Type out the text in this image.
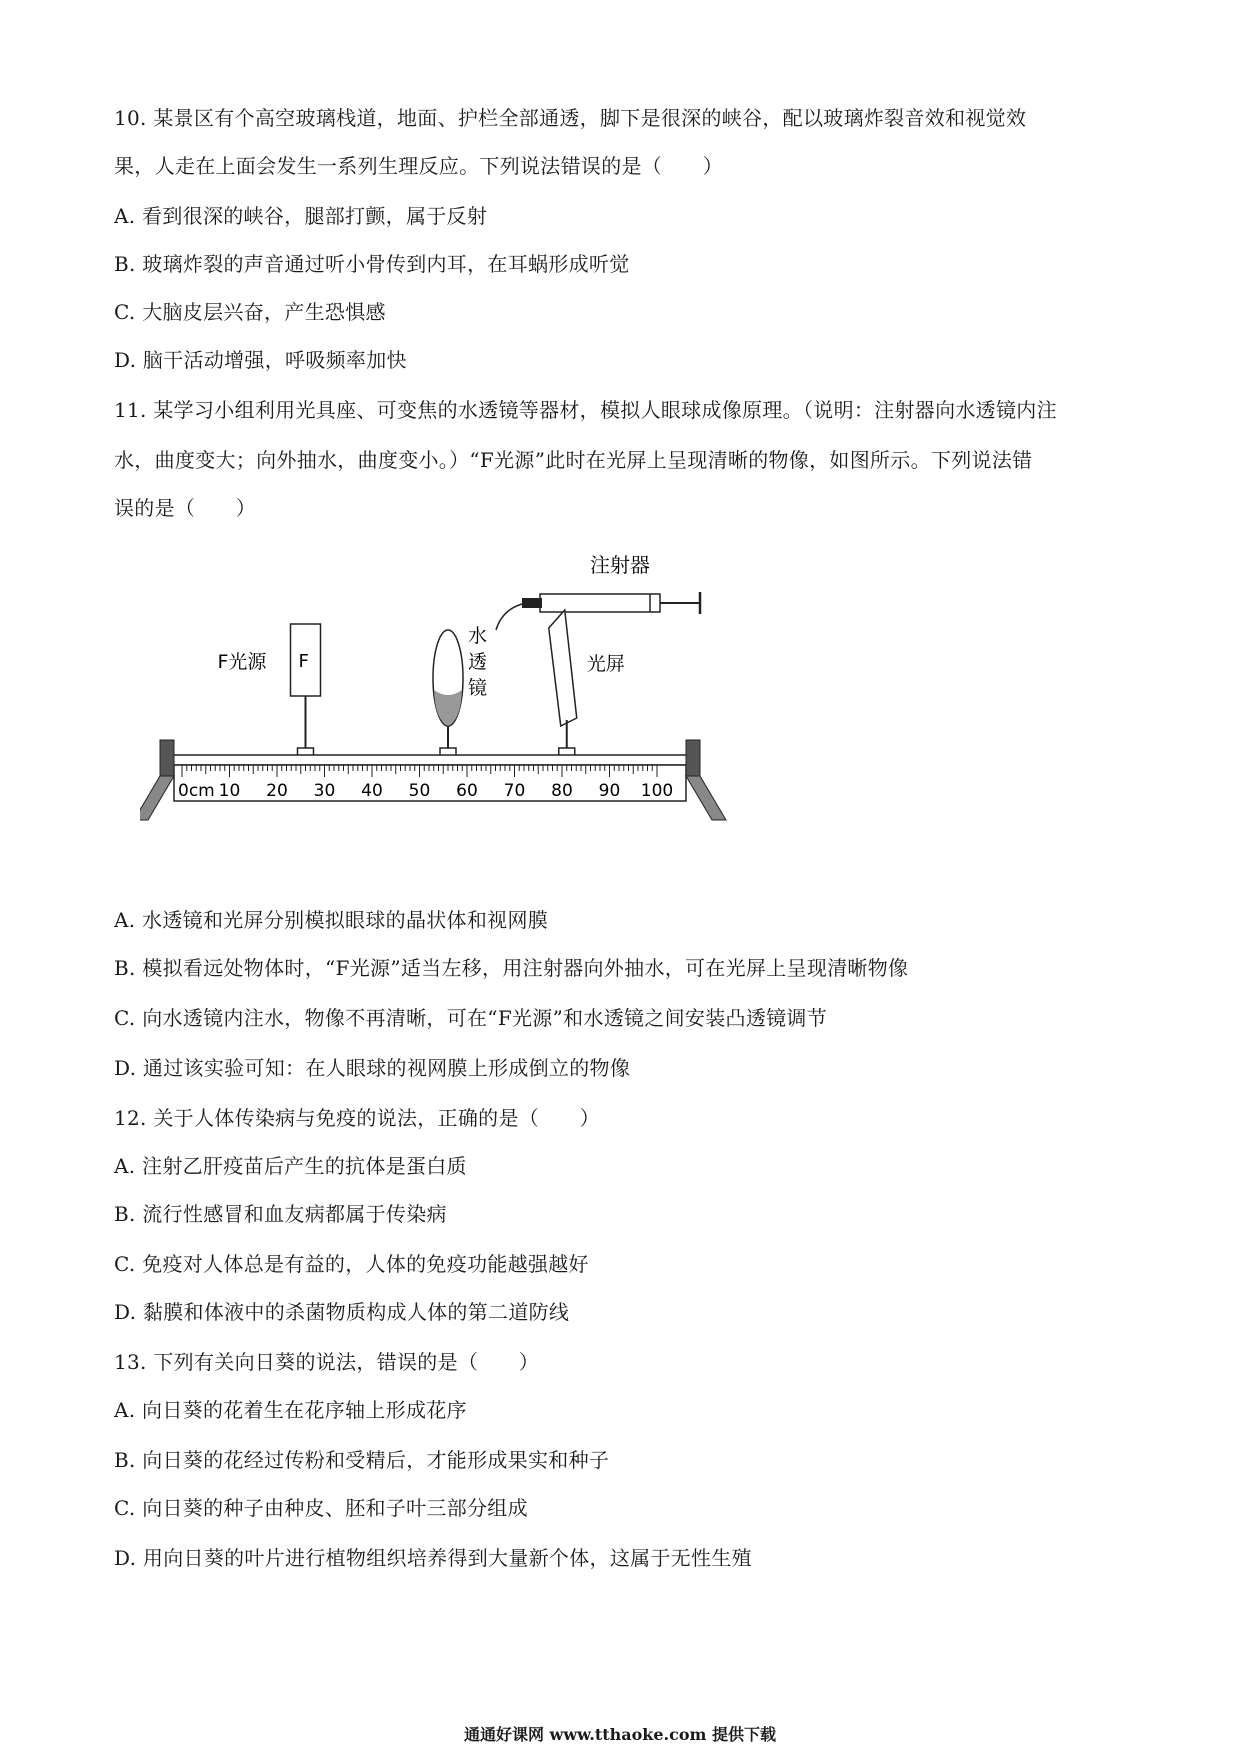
10. 某景区有个高空玻璃栈道，地面、护栏全部通透，脚下是很深的峡谷，配以玻璃炸裂音效和视觉效
果，人走在上面会发生一系列生理反应。下列说法错误的是（　　）
A. 看到很深的峡谷，腿部打颤，属于反射
B. 玻璃炸裂的声音通过听小骨传到内耳，在耳蜗形成听觉
C. 大脑皮层兴奋，产生恐惧感
D. 脑干活动增强，呼吸频率加快
11. 某学习小组利用光具座、可变焦的水透镜等器材，模拟人眼球成像原理。（说明：注射器向水透镜内注
水，曲度变大；向外抽水，曲度变小。）“F光源”此时在光屏上呈现清晰的物像，如图所示。下列说法错
误的是（　　）
注射器
F
F光源
水
透
镜
光屏
0cm 10 20 30 40 50 60 70 80 90 100
A. 水透镜和光屏分别模拟眼球的晶状体和视网膜
B. 模拟看远处物体时，“F光源”适当左移，用注射器向外抽水，可在光屏上呈现清晰物像
C. 向水透镜内注水，物像不再清晰，可在“F光源”和水透镜之间安装凸透镜调节
D. 通过该实验可知：在人眼球的视网膜上形成倒立的物像
12. 关于人体传染病与免疫的说法，正确的是（　　）
A. 注射乙肝疫苗后产生的抗体是蛋白质
B. 流行性感冒和血友病都属于传染病
C. 免疫对人体总是有益的，人体的免疫功能越强越好
D. 黏膜和体液中的杀菌物质构成人体的第二道防线
13. 下列有关向日葵的说法，错误的是（　　）
A. 向日葵的花着生在花序轴上形成花序
B. 向日葵的花经过传粉和受精后，才能形成果实和种子
C. 向日葵的种子由种皮、胚和子叶三部分组成
D. 用向日葵的叶片进行植物组织培养得到大量新个体，这属于无性生殖
通通好课网 www.tthaoke.com 提供下载
